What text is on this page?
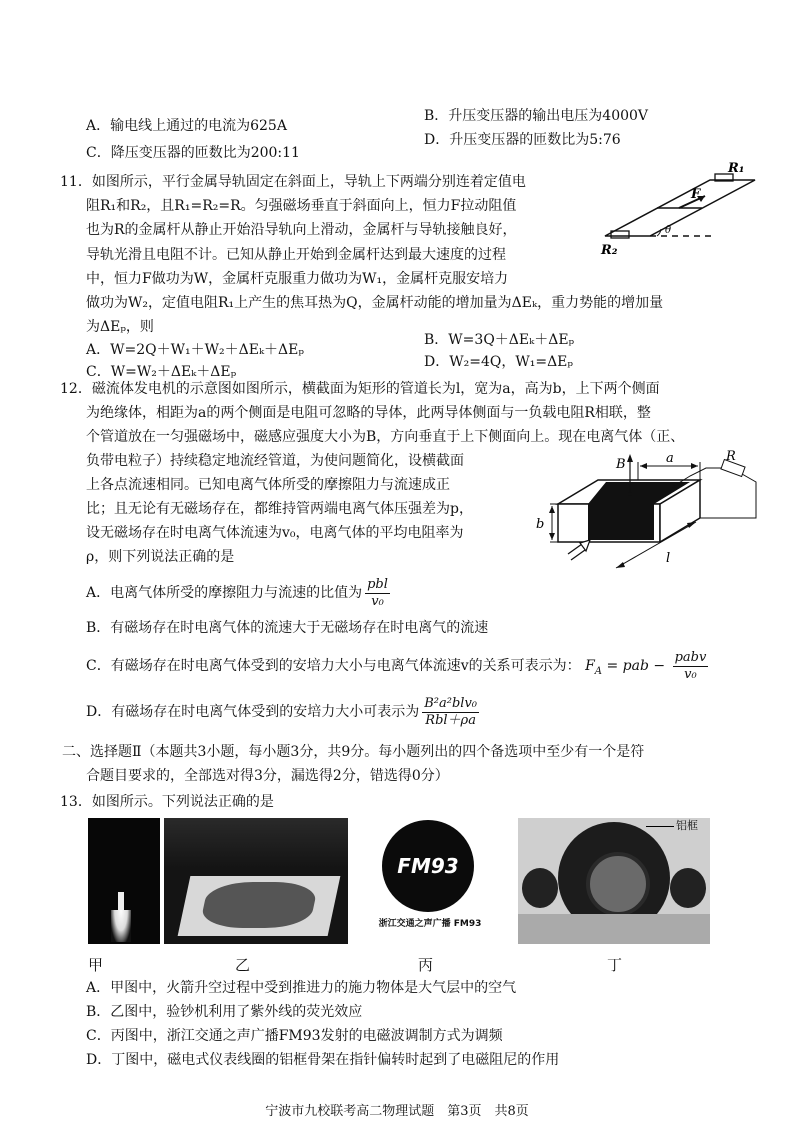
A．输电线上通过的电流为625A
B．升压变压器的输出电压为4000V
C．降压变压器的匝数比为200:11
D．升压变压器的匝数比为5:76
11．如图所示，平行金属导轨固定在斜面上，导轨上下两端分别连着定值电
阻R₁和R₂，且R₁=R₂=R。匀强磁场垂直于斜面向上，恒力F拉动阻值
也为R的金属杆从静止开始沿导轨向上滑动，金属杆与导轨接触良好，
导轨光滑且电阻不计。已知从静止开始到金属杆达到最大速度的过程
中，恒力F做功为W，金属杆克服重力做功为W₁，金属杆克服安培力
做功为W₂，定值电阻R₁上产生的焦耳热为Q，金属杆动能的增加量为ΔEₖ，重力势能的增加量
为ΔEₚ，则
R₁
R₂
F
θ
A．W=2Q＋W₁＋W₂＋ΔEₖ＋ΔEₚ
B．W=3Q＋ΔEₖ＋ΔEₚ
C．W=W₂＋ΔEₖ＋ΔEₚ
D．W₂=4Q，W₁=ΔEₚ
12．磁流体发电机的示意图如图所示，横截面为矩形的管道长为l，宽为a，高为b，上下两个侧面
为绝缘体，相距为a的两个侧面是电阻可忽略的导体，此两导体侧面与一负载电阻R相联，整
个管道放在一匀强磁场中，磁感应强度大小为B，方向垂直于上下侧面向上。现在电离气体（正、
负带电粒子）持续稳定地流经管道，为使问题简化，设横截面
上各点流速相同。已知电离气体所受的摩擦阻力与流速成正
比；且无论有无磁场存在，都维持管两端电离气体压强差为p，
设无磁场存在时电离气体流速为v₀，电离气体的平均电阻率为
ρ，则下列说法正确的是
B	a	R
b
l
A．电离气体所受的摩擦阻力与流速的比值为 $\frac{\text{pbl}}{\text{v₀}}$
B．有磁场存在时电离气体的流速大于无磁场存在时电离气的流速
C．有磁场存在时电离气体受到的安培力大小与电离气体流速v的关系可表示为： $F_A$ = pab − $\frac{\text{pabv}}{\text{v₀}}$
D．有磁场存在时电离气体受到的安培力大小可表示为 $\frac{\text{B²a²blv₀}}{\text{Rbl＋ρa}}$
二、选择题Ⅱ（本题共3小题，每小题3分，共9分。每小题列出的四个备选项中至少有一个是符
合题目要求的，全部选对得3分，漏选得2分，错选得0分）
13．如图所示。下列说法正确的是
FM93
浙江交通之声广播 FM93
铝框
甲	乙	丙	丁
A．甲图中，火箭升空过程中受到推进力的施力物体是大气层中的空气
B．乙图中，验钞机利用了紫外线的荧光效应
C．丙图中，浙江交通之声广播FM93发射的电磁波调制方式为调频
D．丁图中，磁电式仪表线圈的铝框骨架在指针偏转时起到了电磁阻尼的作用
宁波市九校联考高二物理试题　第3页　共8页
